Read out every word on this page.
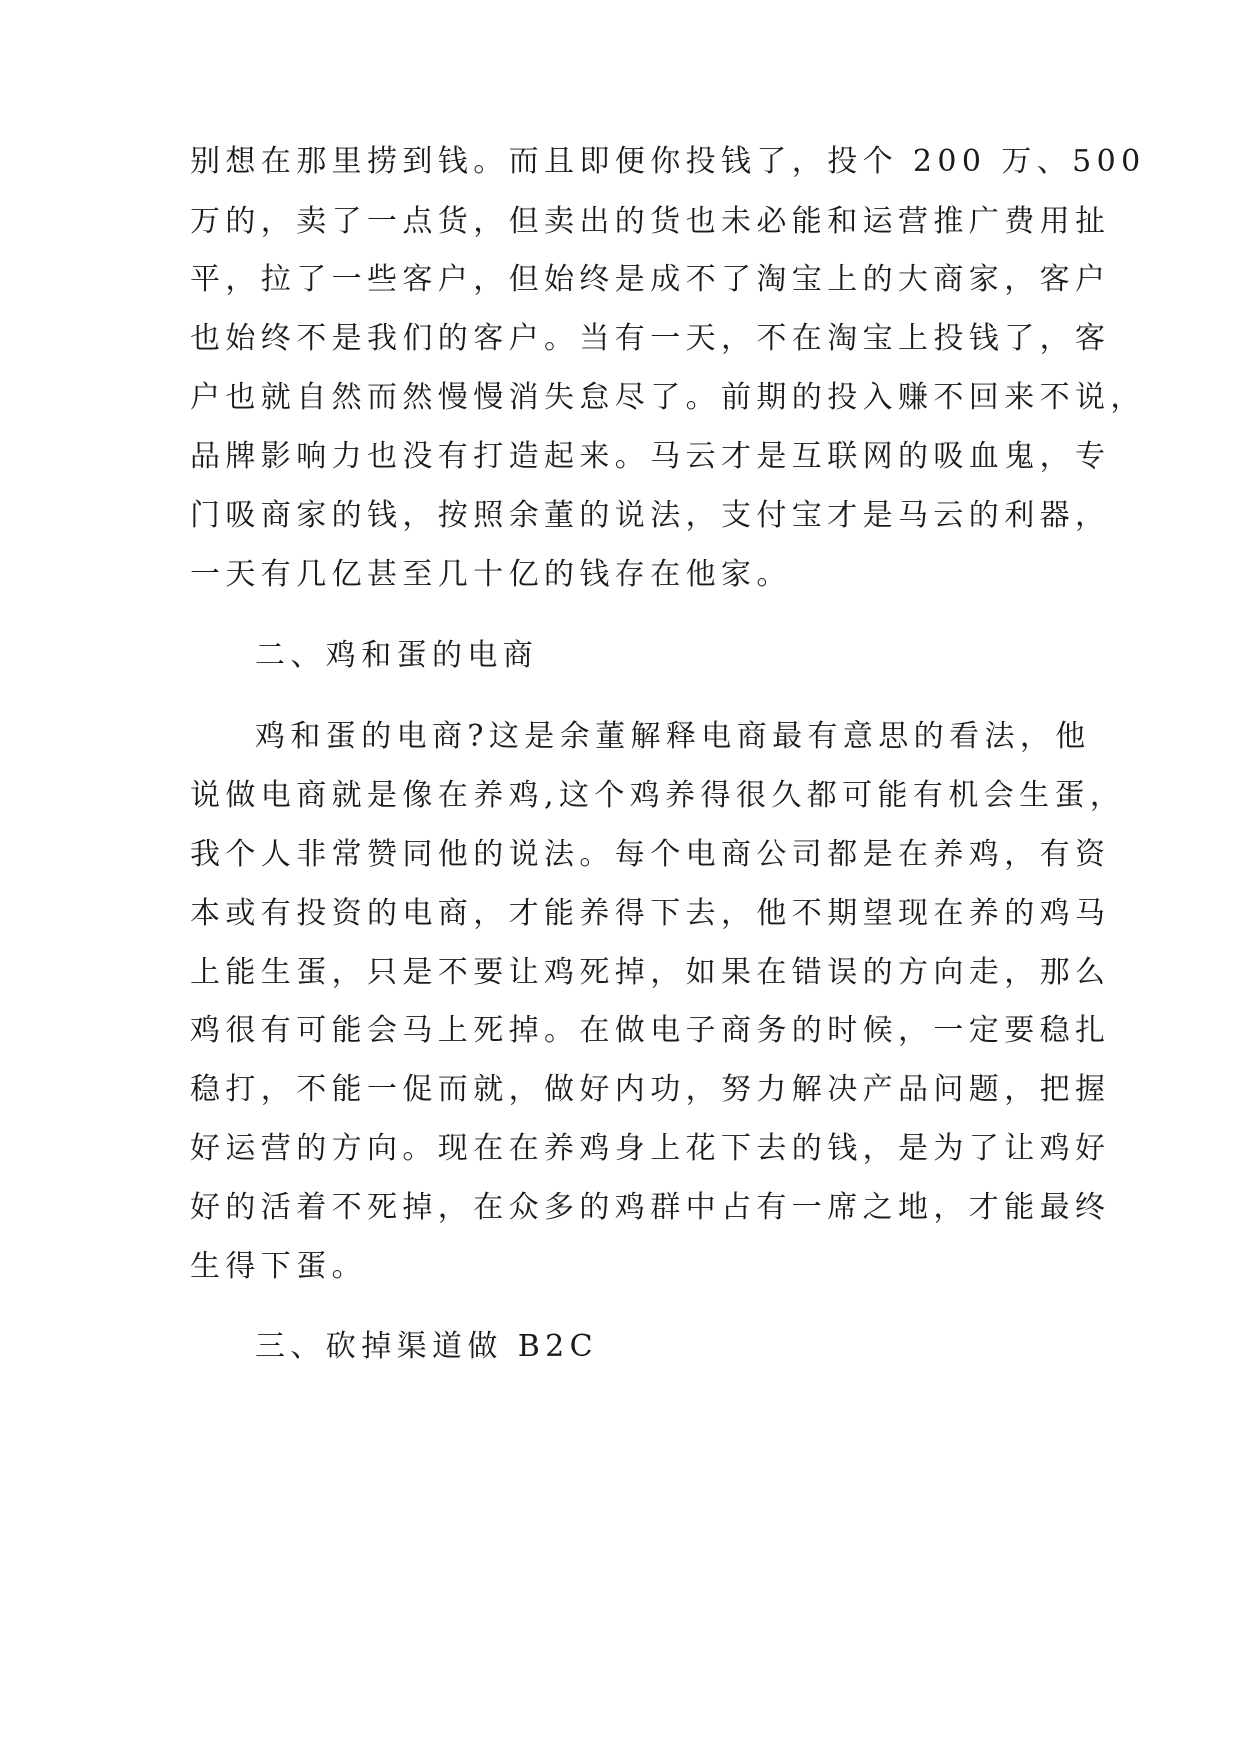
别想在那里捞到钱。而且即便你投钱了，投个 200 万、500
万的，卖了一点货，但卖出的货也未必能和运营推广费用扯
平，拉了一些客户，但始终是成不了淘宝上的大商家，客户
也始终不是我们的客户。当有一天，不在淘宝上投钱了，客
户也就自然而然慢慢消失怠尽了。前期的投入赚不回来不说，
品牌影响力也没有打造起来。马云才是互联网的吸血鬼，专
门吸商家的钱，按照余董的说法，支付宝才是马云的利器，
一天有几亿甚至几十亿的钱存在他家。
二、鸡和蛋的电商
鸡和蛋的电商?这是余董解释电商最有意思的看法，他
说做电商就是像在养鸡,这个鸡养得很久都可能有机会生蛋，
我个人非常赞同他的说法。每个电商公司都是在养鸡，有资
本或有投资的电商，才能养得下去，他不期望现在养的鸡马
上能生蛋，只是不要让鸡死掉，如果在错误的方向走，那么
鸡很有可能会马上死掉。在做电子商务的时候，一定要稳扎
稳打，不能一促而就，做好内功，努力解决产品问题，把握
好运营的方向。现在在养鸡身上花下去的钱，是为了让鸡好
好的活着不死掉，在众多的鸡群中占有一席之地，才能最终
生得下蛋。
三、砍掉渠道做 B2C
